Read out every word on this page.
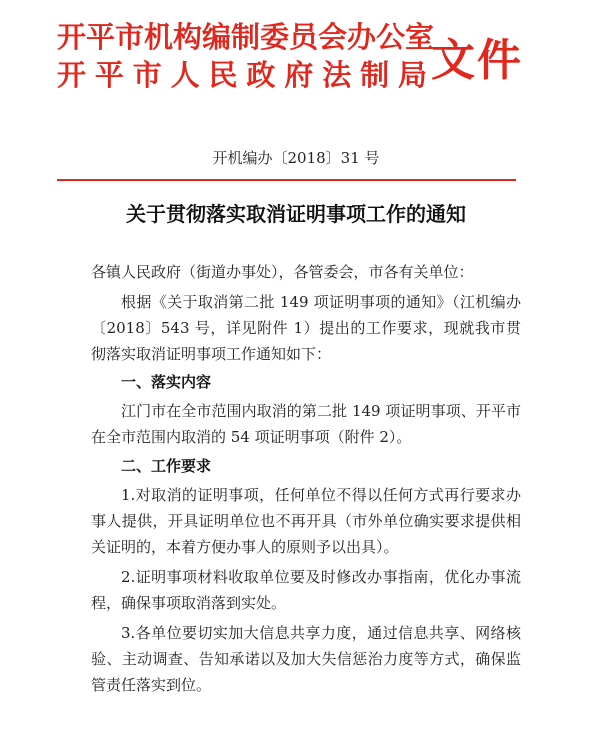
开平市机构编制委员会办公室
开平市人民政府法制局 文件
开机编办〔2018〕31 号
关于贯彻落实取消证明事项工作的通知

各镇人民政府（街道办事处），各管委会，市各有关单位：

根据《关于取消第二批 149 项证明事项的通知》（江机编办〔2018〕543 号，详见附件 1）提出的工作要求，现就我市贯彻落实取消证明事项工作通知如下：

一、落实内容

江门市在全市范围内取消的第二批 149 项证明事项、开平市在全市范围内取消的 54 项证明事项（附件 2）。

二、工作要求

1.对取消的证明事项，任何单位不得以任何方式再行要求办事人提供，开具证明单位也不再开具（市外单位确实要求提供相关证明的，本着方便办事人的原则予以出具）。

2.证明事项材料收取单位要及时修改办事指南，优化办事流程，确保事项取消落到实处。

3.各单位要切实加大信息共享力度，通过信息共享、网络核验、主动调查、告知承诺以及加大失信惩治力度等方式，确保监管责任落实到位。
